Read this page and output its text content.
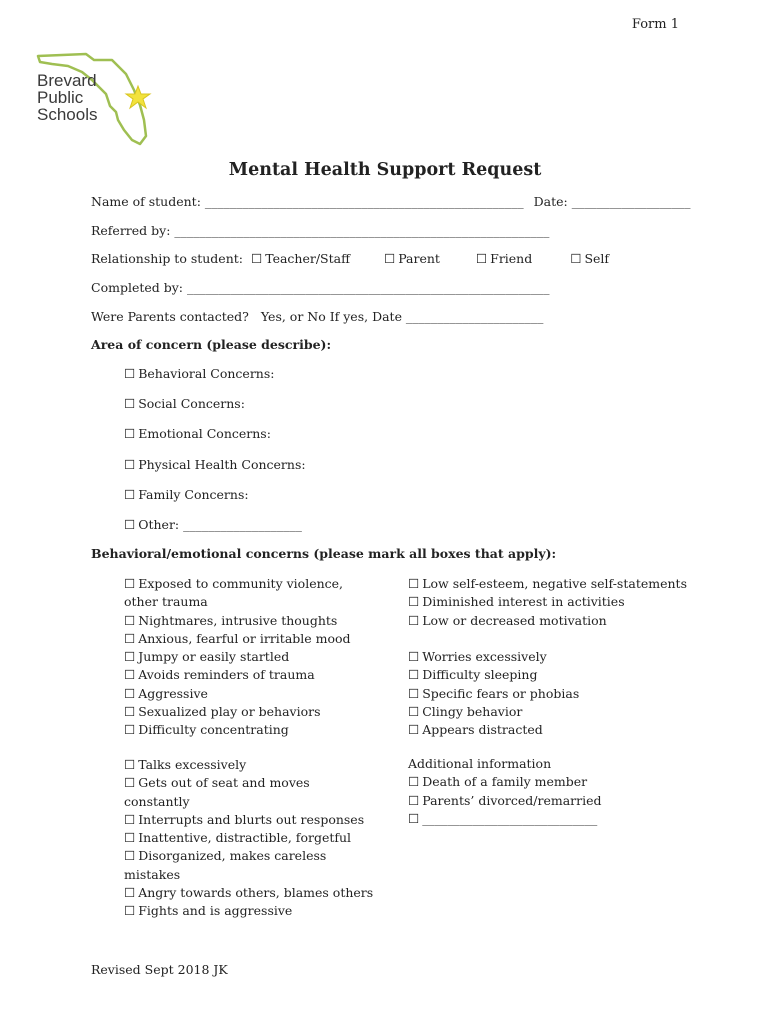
Form 1
Brevard
Public
Schools
Mental Health Support Request
Name of student: ___________________________________________________ Date: ___________________
Referred by: ____________________________________________________________
Relationship to student: ☐ Teacher/Staff	☐ Parent	☐ Friend	☐ Self
Completed by: __________________________________________________________
Were Parents contacted? Yes, or No If yes, Date ______________________
Area of concern (please describe):
☐ Behavioral Concerns:
☐ Social Concerns:
☐ Emotional Concerns:
☐ Physical Health Concerns:
☐ Family Concerns:
☐ Other: ___________________
Behavioral/emotional concerns (please mark all boxes that apply):
☐ Exposed to community violence,
other trauma
☐ Nightmares, intrusive thoughts
☐ Anxious, fearful or irritable mood
☐ Jumpy or easily startled
☐ Avoids reminders of trauma
☐ Aggressive
☐ Sexualized play or behaviors
☐ Difficulty concentrating
☐ Talks excessively
☐ Gets out of seat and moves
constantly
☐ Interrupts and blurts out responses
☐ Inattentive, distractible, forgetful
☐ Disorganized, makes careless
mistakes
☐ Angry towards others, blames others
☐ Fights and is aggressive
☐ Low self-esteem, negative self-statements
☐ Diminished interest in activities
☐ Low or decreased motivation
☐ Worries excessively
☐ Difficulty sleeping
☐ Specific fears or phobias
☐ Clingy behavior
☐ Appears distracted
Additional information
☐ Death of a family member
☐ Parents’ divorced/remarried
☐ ____________________________
Revised Sept 2018 JK
